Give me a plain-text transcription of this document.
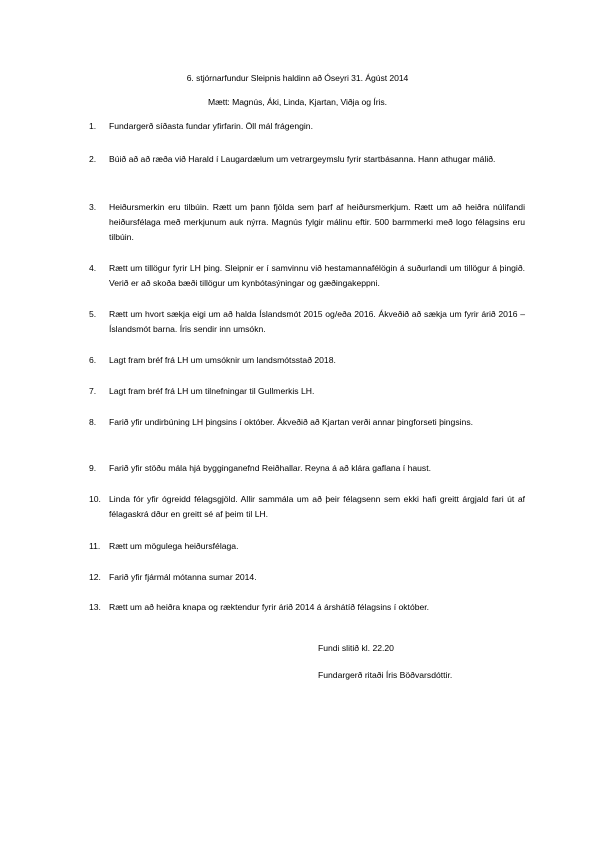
6. stjórnarfundur Sleipnis haldinn að Óseyri 31. Ágúst 2014
Mætt: Magnús, Áki, Linda, Kjartan, Viðja og Íris.
1.	Fundargerð síðasta fundar yfirfarin. Öll mál frágengin.
2.	Búið að að ræða við Harald í Laugardælum um vetrargeymslu fyrir startbásanna. Hann athugar málið.
3.	Heiðursmerkin eru tilbúin. Rætt um þann fjölda sem þarf af heiðursmerkjum. Rætt um að heiðra núlifandi heiðursfélaga með merkjunum auk nýrra. Magnús fylgir málinu eftir. 500 barmmerki með logo félagsins eru tilbúin.
4.	Rætt um tillögur fyrir LH þing. Sleipnir er í samvinnu við hestamannafélögin á suðurlandi um tillögur á þingið. Verið er að skoða bæði tillögur um kynbótasýningar og gæðingakeppni.
5.	Rætt um hvort sækja eigi um að halda Íslandsmót 2015 og/eða 2016. Ákveðið að sækja um fyrir árið 2016 – Íslandsmót barna. Íris sendir inn umsókn.
6.	Lagt fram bréf frá LH um umsóknir um landsmótsstað 2018.
7.	Lagt fram bréf frá LH um tilnefningar til Gullmerkis LH.
8.	Farið yfir undirbúning LH þingsins í október. Ákveðið að Kjartan verði annar þingforseti þingsins.
9.	Farið yfir stöðu mála hjá bygginganefnd Reiðhallar. Reyna á að klára gaflana í haust.
10. Linda fór yfir ógreidd félagsgjöld. Allir sammála um að þeir félagsenn sem ekki hafi greitt árgjald fari út af félagaskrá dður en greitt sé af þeim til LH.
11.	Rætt um mögulega heiðursfélaga.
12. Farið yfir fjármál mótanna sumar 2014.
13. Rætt um að heiðra knapa og ræktendur fyrir árið 2014 á árshátíð félagsins í október.
Fundi slitið kl. 22.20
Fundargerð ritaði Íris Böðvarsdóttir.
